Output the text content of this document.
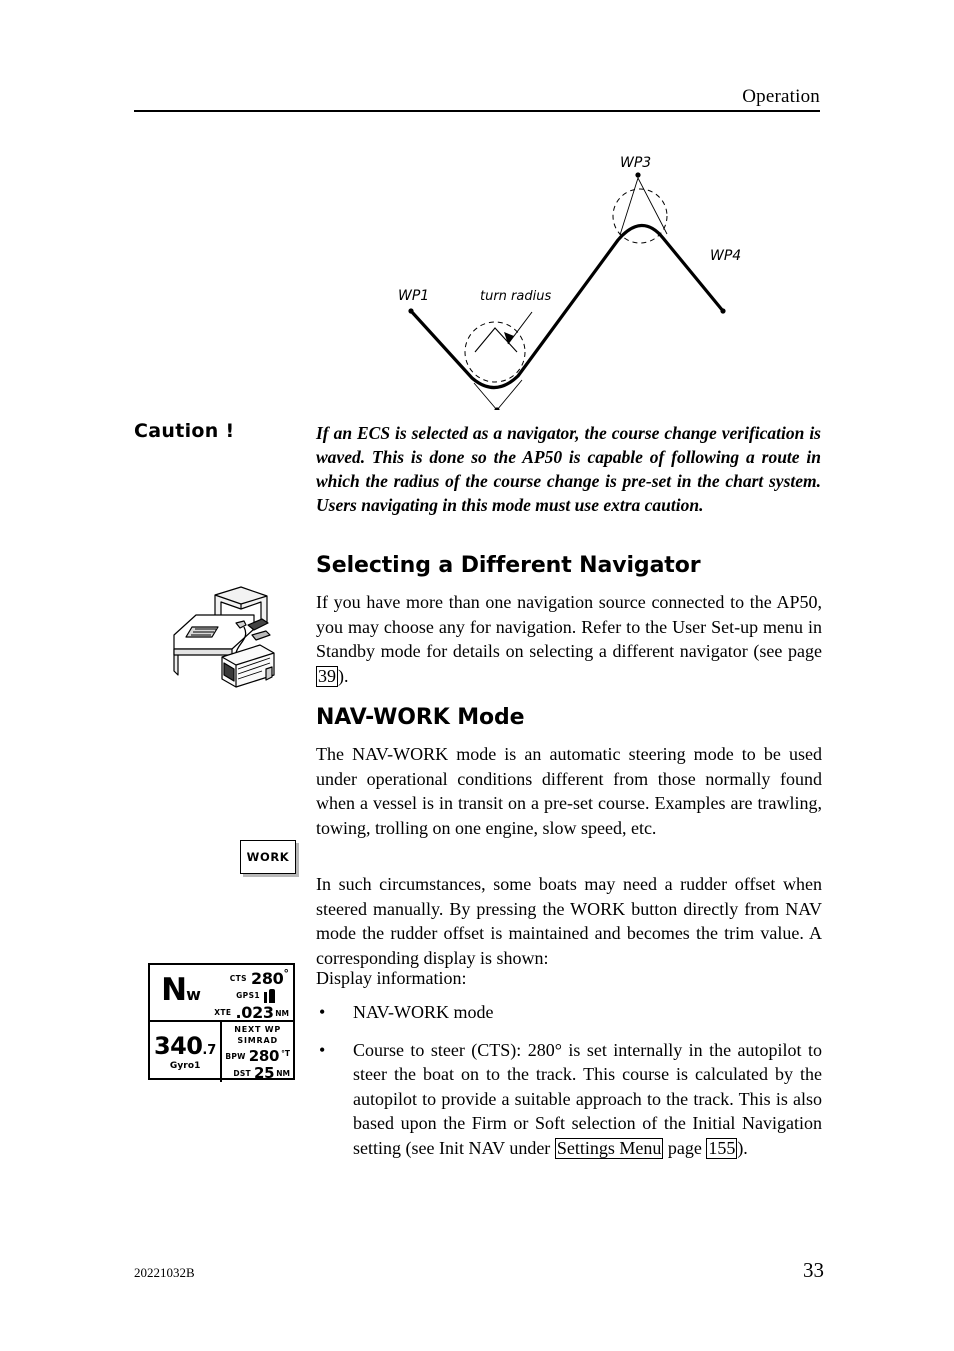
Operation
WP1
WP3
WP4
turn radius
Caution !	If an ECS is selected as a navigator, the course change verification is waved. This is done so the AP50 is capable of following a route in which the radius of the course change is pre-set in the chart system. Users navigating in this mode must use extra caution.
Selecting a Different Navigator
If you have more than one navigation source connected to the AP50, you may choose any for navigation. Refer to the User Set-up menu in Standby mode for details on selecting a different navigator (see page 39 ).
NAV-WORK Mode
The NAV-WORK mode is an automatic steering mode to be used under operational conditions different from those normally found when a vessel is in transit on a pre-set course. Examples are trawling, towing, trolling on one engine, slow speed, etc.
WORK
In such circumstances, some boats may need a rudder offset when steered manually. By pressing the WORK button directly from NAV mode the rudder offset is maintained and becomes the trim value. A corresponding display is shown:
N w
CTS 280 °
GPS1
XTE .023 NM
340 .7
Gyro1
NEXT WP
SIMRAD
BPW 280 °T
DST 25 NM
Display information:
• NAV-WORK mode
• Course to steer (CTS): 280° is set internally in the autopilot to steer the boat on to the track. This course is calculated by the autopilot to provide a suitable approach to the track. This is also based upon the Firm or Soft selection of the Initial Navigation setting (see Init NAV under Settings Menu page 155 ).
20221032B	33
